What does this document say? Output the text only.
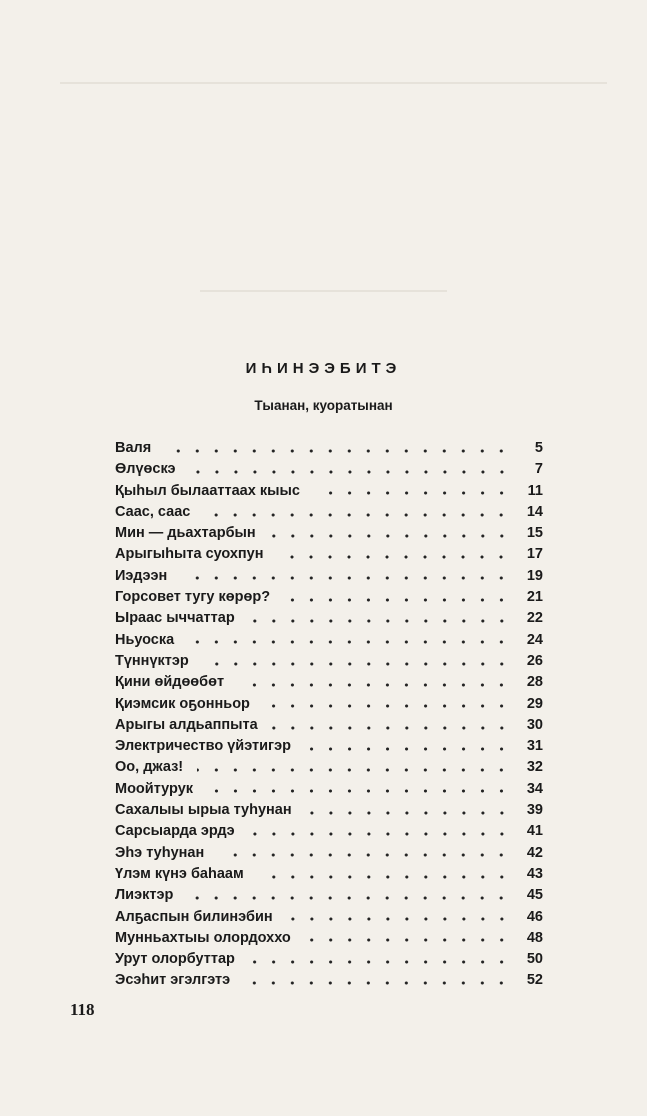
ИҺИНЭЭБИТЭ
Тыанан, куоратынан
Валя	5
Өлүөскэ	7
Қыһыл былааттаах кыыс	11
Саас, саас	14
Мин — дьахтарбын	15
Арыгыһыта суохпун	17
Иэдээн	19
Горсовет тугу көрөр?	21
Ыраас ыччаттар	22
Ньуоска	24
Түннүктэр	26
Қини өйдөөбөт	28
Қиэмсик оҕонньор	29
Арыгы алдьаппыта	30
Электричество үйэтигэр	31
Оо, джаз!	32
Моойтурук	34
Сахалыы ырыа туһунан	39
Сарсыарда эрдэ	41
Эһэ туһунан	42
Үлэм күнэ баһаам	43
Лиэктэр	45
Алҕаспын билинэбин	46
Мунньахтыы олордоххо	48
Урут олорбуттар	50
Эсэһит эгэлгэтэ	52
118
